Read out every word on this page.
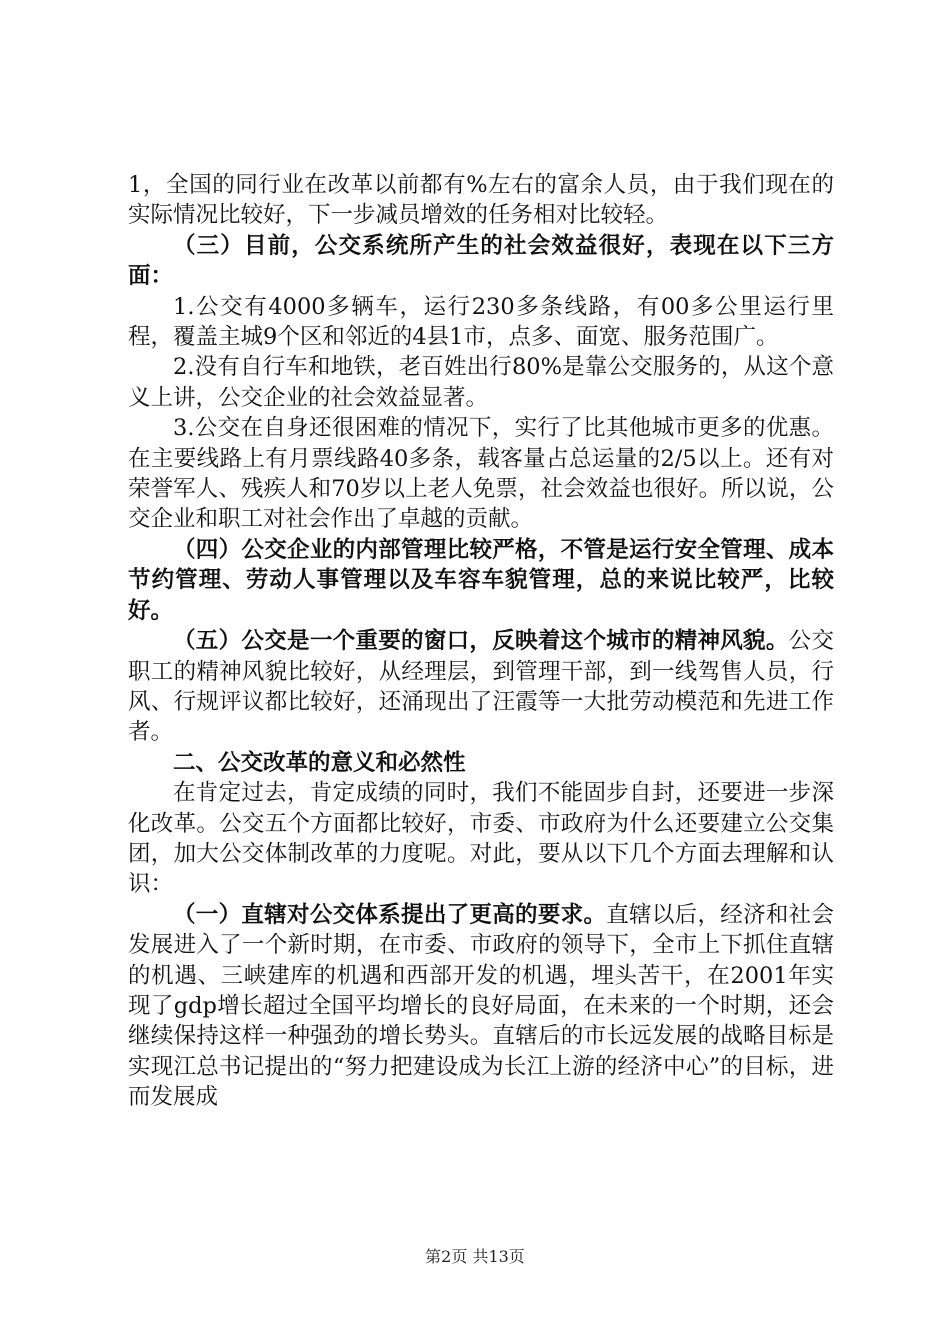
1，全国的同行业在改革以前都有%左右的富余人员，由于我们现在的实际情况比较好，下一步减员增效的任务相对比较轻。

（三）目前，公交系统所产生的社会效益很好，表现在以下三方面：

1.公交有4000多辆车，运行230多条线路，有00多公里运行里程，覆盖主城9个区和邻近的4县1市，点多、面宽、服务范围广。

2.没有自行车和地铁，老百姓出行80%是靠公交服务的，从这个意义上讲，公交企业的社会效益显著。

3.公交在自身还很困难的情况下，实行了比其他城市更多的优惠。在主要线路上有月票线路40多条，载客量占总运量的2/5以上。还有对荣誉军人、残疾人和70岁以上老人免票，社会效益也很好。所以说，公交企业和职工对社会作出了卓越的贡献。

（四）公交企业的内部管理比较严格，不管是运行安全管理、成本节约管理、劳动人事管理以及车容车貌管理，总的来说比较严，比较好。

（五）公交是一个重要的窗口，反映着这个城市的精神风貌。公交职工的精神风貌比较好，从经理层，到管理干部，到一线驾售人员，行风、行规评议都比较好，还涌现出了汪霞等一大批劳动模范和先进工作者。

二、公交改革的意义和必然性

在肯定过去，肯定成绩的同时，我们不能固步自封，还要进一步深化改革。公交五个方面都比较好，市委、市政府为什么还要建立公交集团，加大公交体制改革的力度呢。对此，要从以下几个方面去理解和认识：

（一）直辖对公交体系提出了更高的要求。直辖以后，经济和社会发展进入了一个新时期，在市委、市政府的领导下，全市上下抓住直辖的机遇、三峡建库的机遇和西部开发的机遇，埋头苦干，在2001年实现了gdp增长超过全国平均增长的良好局面，在未来的一个时期，还会继续保持这样一种强劲的增长势头。直辖后的市长远发展的战略目标是实现江总书记提出的“努力把建设成为长江上游的经济中心”的目标，进而发展成

第2页 共13页
